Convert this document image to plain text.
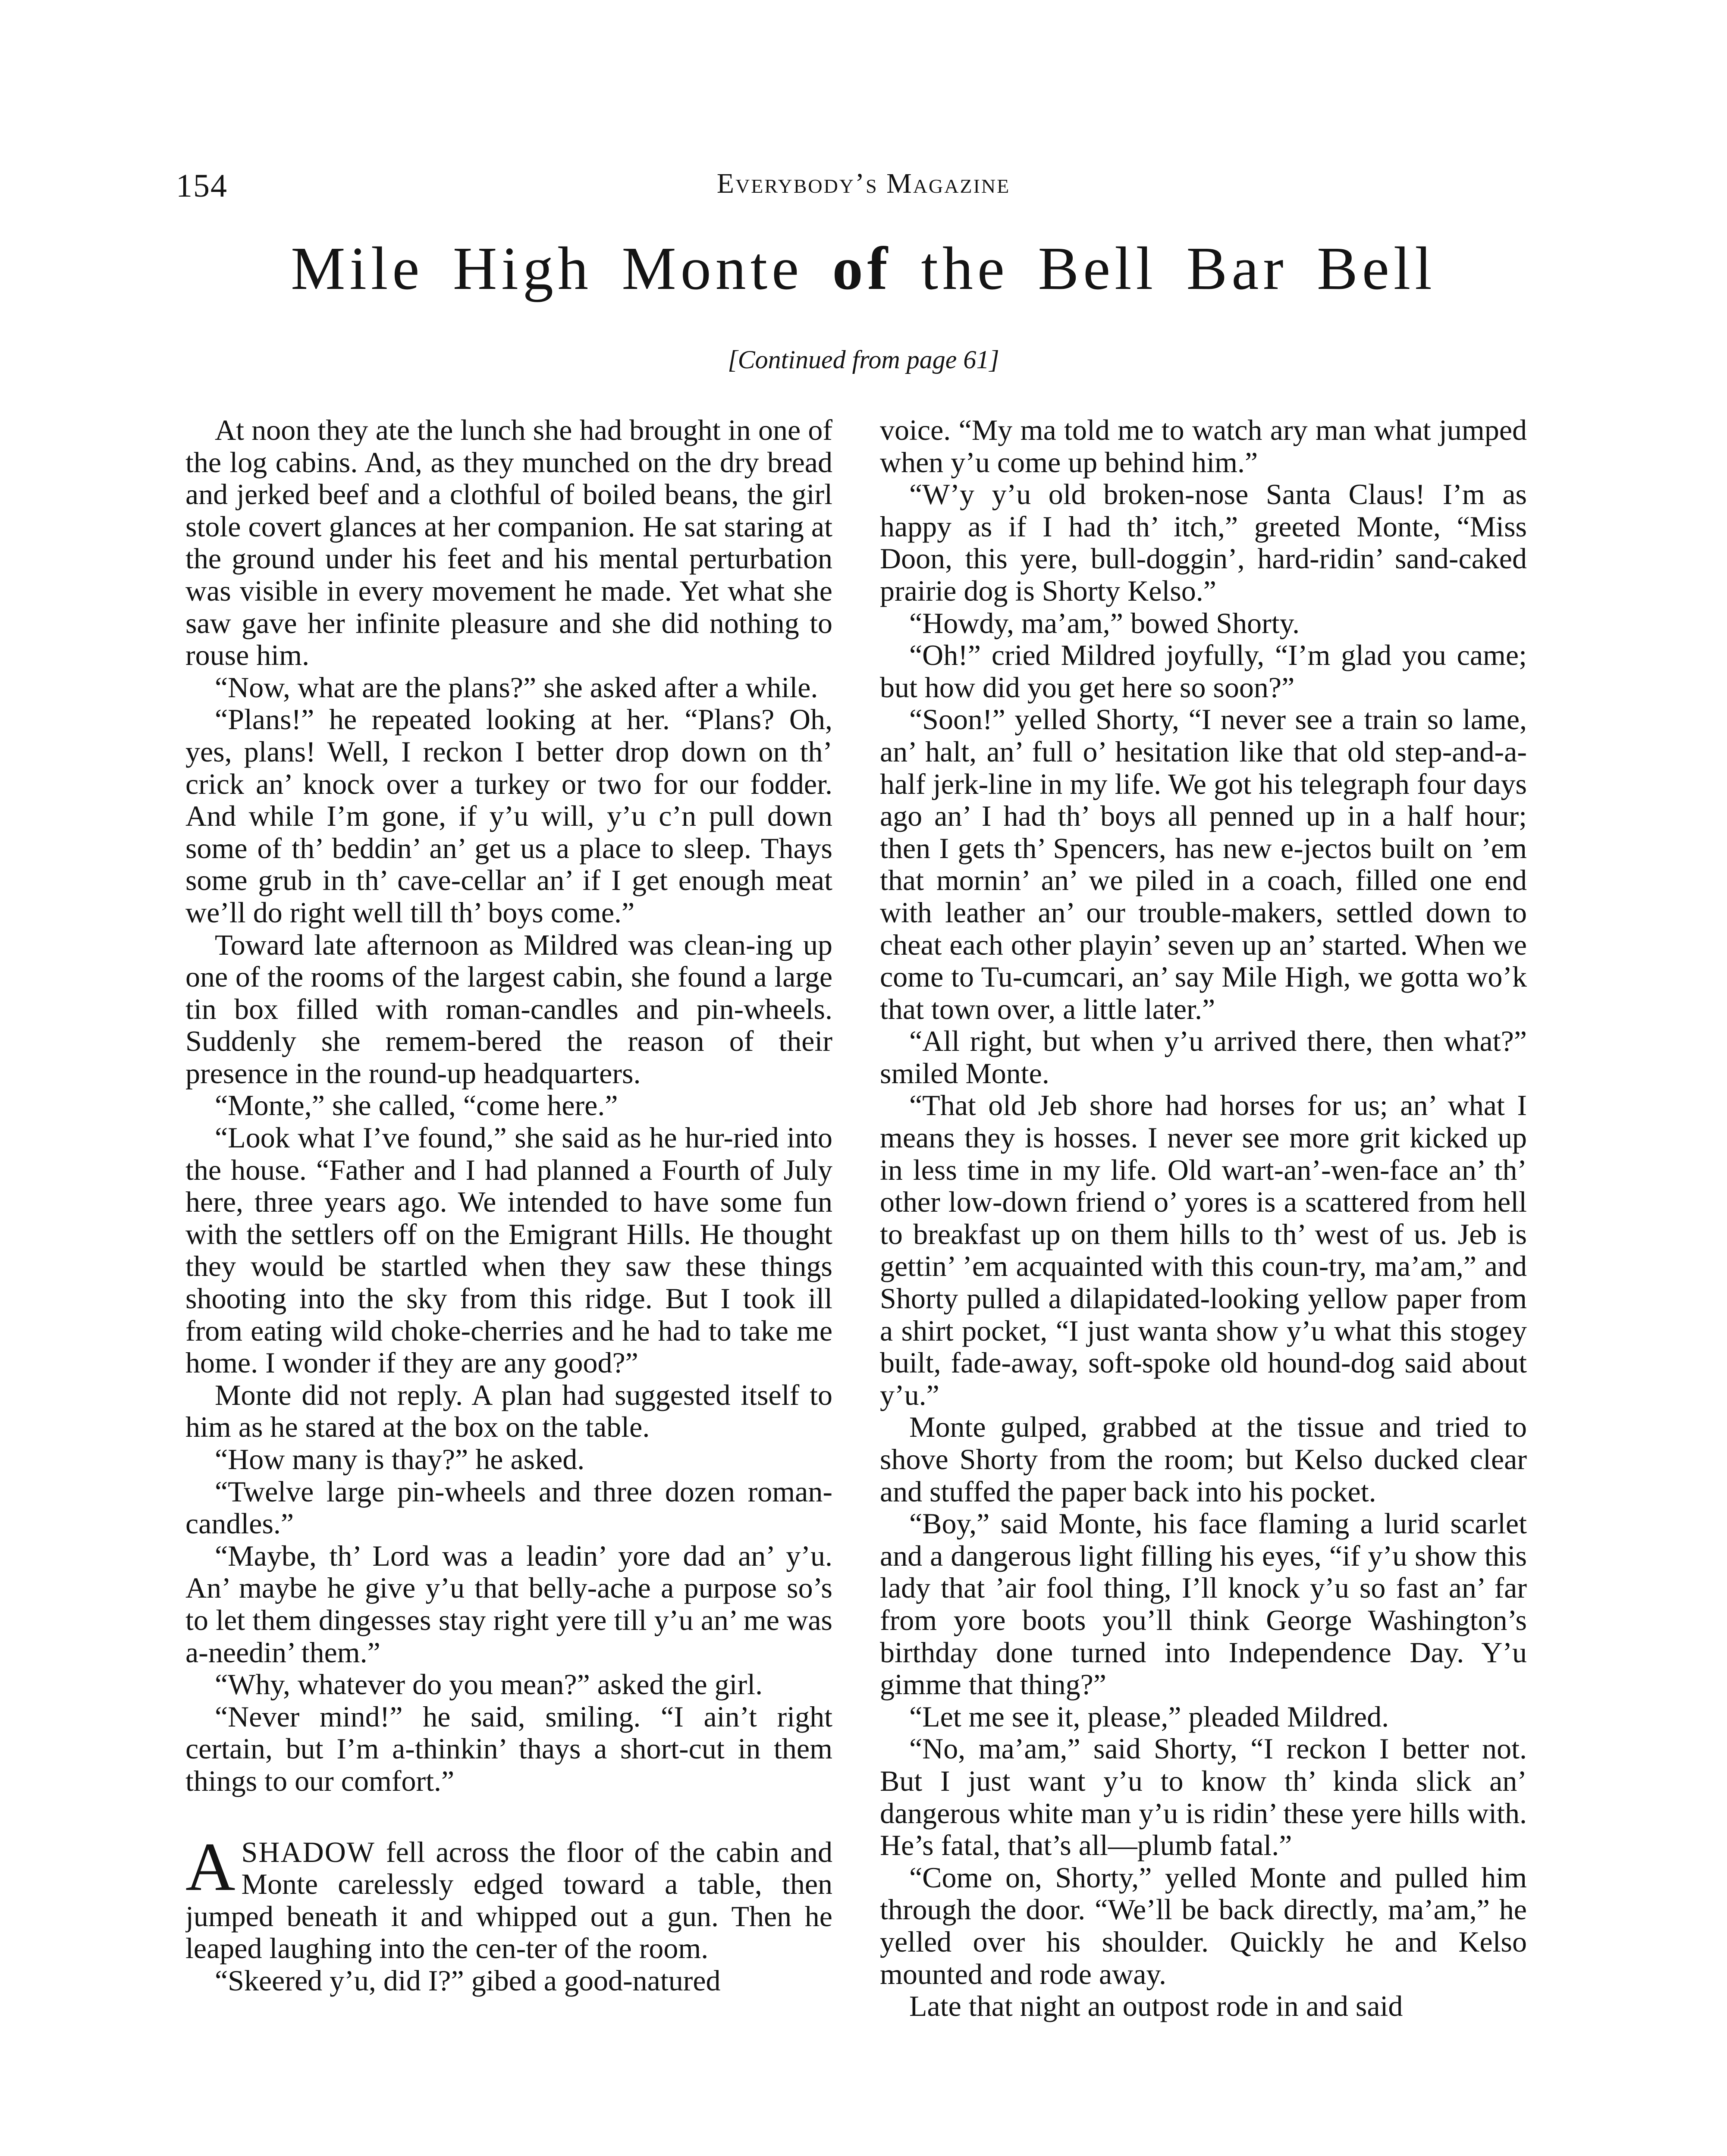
154	Everybody’s Magazine
Mile High Monte of the Bell Bar Bell
[Continued from page 61]

At noon they ate the lunch she had brought in one of the log cabins. And, as they munched on the dry bread and jerked beef and a clothful of boiled beans, the girl stole covert glances at her companion. He sat staring at the ground under his feet and his mental perturbation was visible in every movement he made. Yet what she saw gave her infinite pleasure and she did nothing to rouse him.

“Now, what are the plans?” she asked after a while.

“Plans!” he repeated looking at her. “Plans? Oh, yes, plans! Well, I reckon I better drop down on th’ crick an’ knock over a turkey or two for our fodder. And while I’m gone, if y’u will, y’u c’n pull down some of th’ beddin’ an’ get us a place to sleep. Thays some grub in th’ cave-cellar an’ if I get enough meat we’ll do right well till th’ boys come.”

Toward late afternoon as Mildred was clean-ing up one of the rooms of the largest cabin, she found a large tin box filled with roman-candles and pin-wheels. Suddenly she remem-bered the reason of their presence in the round-up headquarters.

“Monte,” she called, “come here.”

“Look what I’ve found,” she said as he hur-ried into the house. “Father and I had planned a Fourth of July here, three years ago. We intended to have some fun with the settlers off on the Emigrant Hills. He thought they would be startled when they saw these things shooting into the sky from this ridge. But I took ill from eating wild choke-cherries and he had to take me home. I wonder if they are any good?”

Monte did not reply. A plan had suggested itself to him as he stared at the box on the table.

“How many is thay?” he asked.

“Twelve large pin-wheels and three dozen roman-candles.”

“Maybe, th’ Lord was a leadin’ yore dad an’ y’u. An’ maybe he give y’u that belly-ache a purpose so’s to let them dingesses stay right yere till y’u an’ me was a-needin’ them.”

“Why, whatever do you mean?” asked the girl.

“Never mind!” he said, smiling. “I ain’t right certain, but I’m a-thinkin’ thays a short-cut in them things to our comfort.”

ASHADOW fell across the floor of the cabin and Monte carelessly edged toward a table, then jumped beneath it and whipped out a gun. Then he leaped laughing into the cen-ter of the room.

“Skeered y’u, did I?” gibed a good-natured

voice. “My ma told me to watch ary man what jumped when y’u come up behind him.”

“W’y y’u old broken-nose Santa Claus! I’m as happy as if I had th’ itch,” greeted Monte, “Miss Doon, this yere, bull-doggin’, hard-ridin’ sand-caked prairie dog is Shorty Kelso.”

“Howdy, ma’am,” bowed Shorty.

“Oh!” cried Mildred joyfully, “I’m glad you came; but how did you get here so soon?”

“Soon!” yelled Shorty, “I never see a train so lame, an’ halt, an’ full o’ hesitation like that old step-and-a-half jerk-line in my life. We got his telegraph four days ago an’ I had th’ boys all penned up in a half hour; then I gets th’ Spencers, has new e-jectos built on ’em that mornin’ an’ we piled in a coach, filled one end with leather an’ our trouble-makers, settled down to cheat each other playin’ seven up an’ started. When we come to Tu-cumcari, an’ say Mile High, we gotta wo’k that town over, a little later.”

“All right, but when y’u arrived there, then what?” smiled Monte.

“That old Jeb shore had horses for us; an’ what I means they is hosses. I never see more grit kicked up in less time in my life. Old wart-an’-wen-face an’ th’ other low-down friend o’ yores is a scattered from hell to breakfast up on them hills to th’ west of us. Jeb is gettin’ ’em acquainted with this coun-try, ma’am,” and Shorty pulled a dilapidated-looking yellow paper from a shirt pocket, “I just wanta show y’u what this stogey built, fade-away, soft-spoke old hound-dog said about y’u.”

Monte gulped, grabbed at the tissue and tried to shove Shorty from the room; but Kelso ducked clear and stuffed the paper back into his pocket.

“Boy,” said Monte, his face flaming a lurid scarlet and a dangerous light filling his eyes, “if y’u show this lady that ’air fool thing, I’ll knock y’u so fast an’ far from yore boots you’ll think George Washington’s birthday done turned into Independence Day. Y’u gimme that thing?”

“Let me see it, please,” pleaded Mildred.

“No, ma’am,” said Shorty, “I reckon I better not. But I just want y’u to know th’ kinda slick an’ dangerous white man y’u is ridin’ these yere hills with. He’s fatal, that’s all—plumb fatal.”

“Come on, Shorty,” yelled Monte and pulled him through the door. “We’ll be back directly, ma’am,” he yelled over his shoulder. Quickly he and Kelso mounted and rode away.

Late that night an outpost rode in and said
